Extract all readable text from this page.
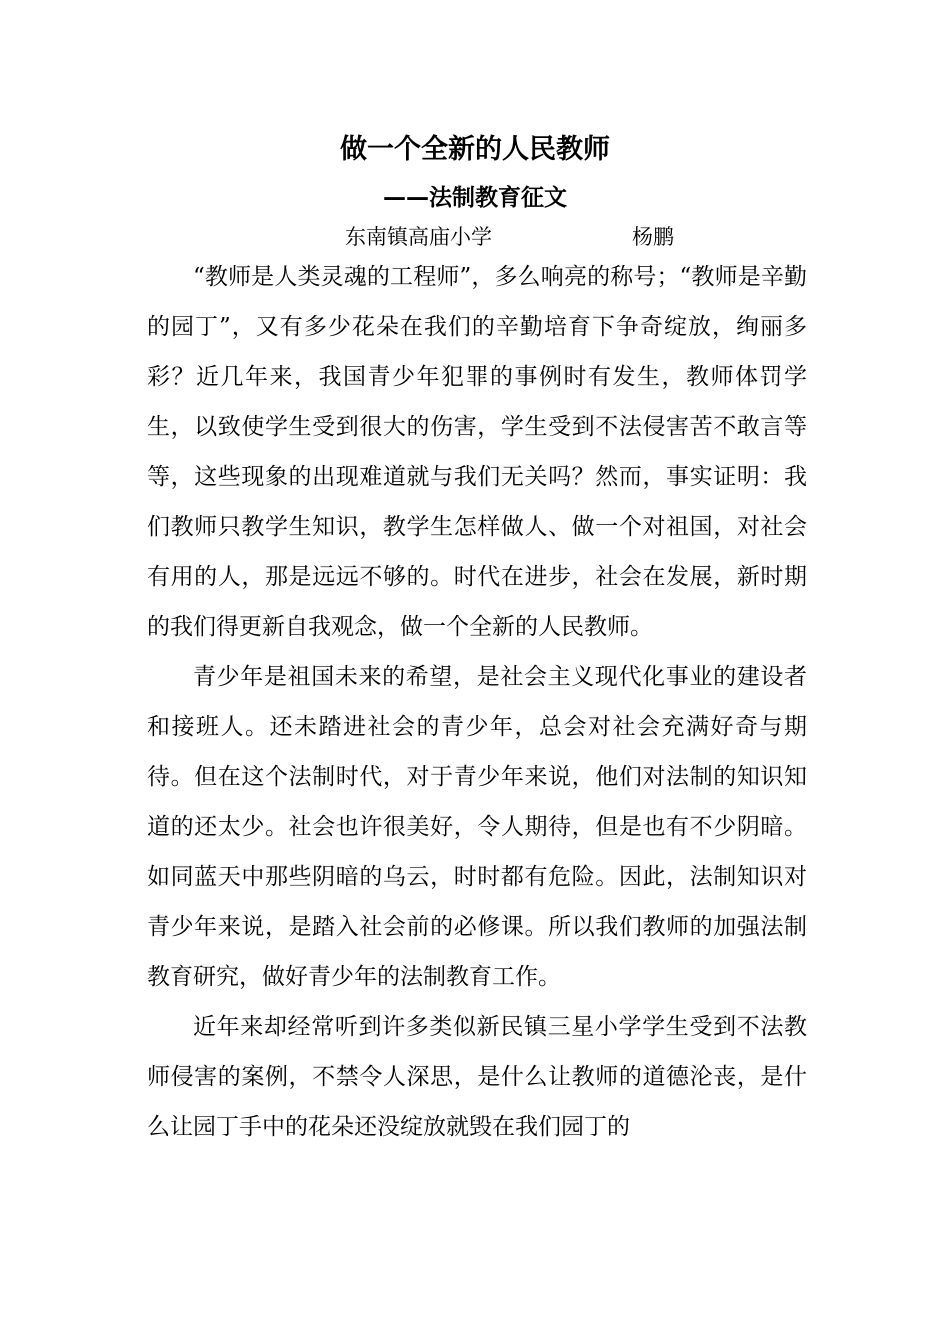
做一个全新的人民教师
——法制教育征文
东南镇高庙小学	杨鹏

“教师是人类灵魂的工程师”，多么响亮的称号；“教师是辛勤的园丁”，又有多少花朵在我们的辛勤培育下争奇绽放，绚丽多彩？近几年来，我国青少年犯罪的事例时有发生，教师体罚学生，以致使学生受到很大的伤害，学生受到不法侵害苦不敢言等等，这些现象的出现难道就与我们无关吗？然而，事实证明：我们教师只教学生知识，教学生怎样做人、做一个对祖国，对社会有用的人，那是远远不够的。时代在进步，社会在发展，新时期的我们得更新自我观念，做一个全新的人民教师。

青少年是祖国未来的希望，是社会主义现代化事业的建设者和接班人。还未踏进社会的青少年，总会对社会充满好奇与期待。但在这个法制时代，对于青少年来说，他们对法制的知识知道的还太少。社会也许很美好，令人期待，但是也有不少阴暗。如同蓝天中那些阴暗的乌云，时时都有危险。因此，法制知识对青少年来说，是踏入社会前的必修课。所以我们教师的加强法制教育研究，做好青少年的法制教育工作。

近年来却经常听到许多类似新民镇三星小学学生受到不法教师侵害的案例，不禁令人深思，是什么让教师的道德沦丧，是什么让园丁手中的花朵还没绽放就毁在我们园丁的
